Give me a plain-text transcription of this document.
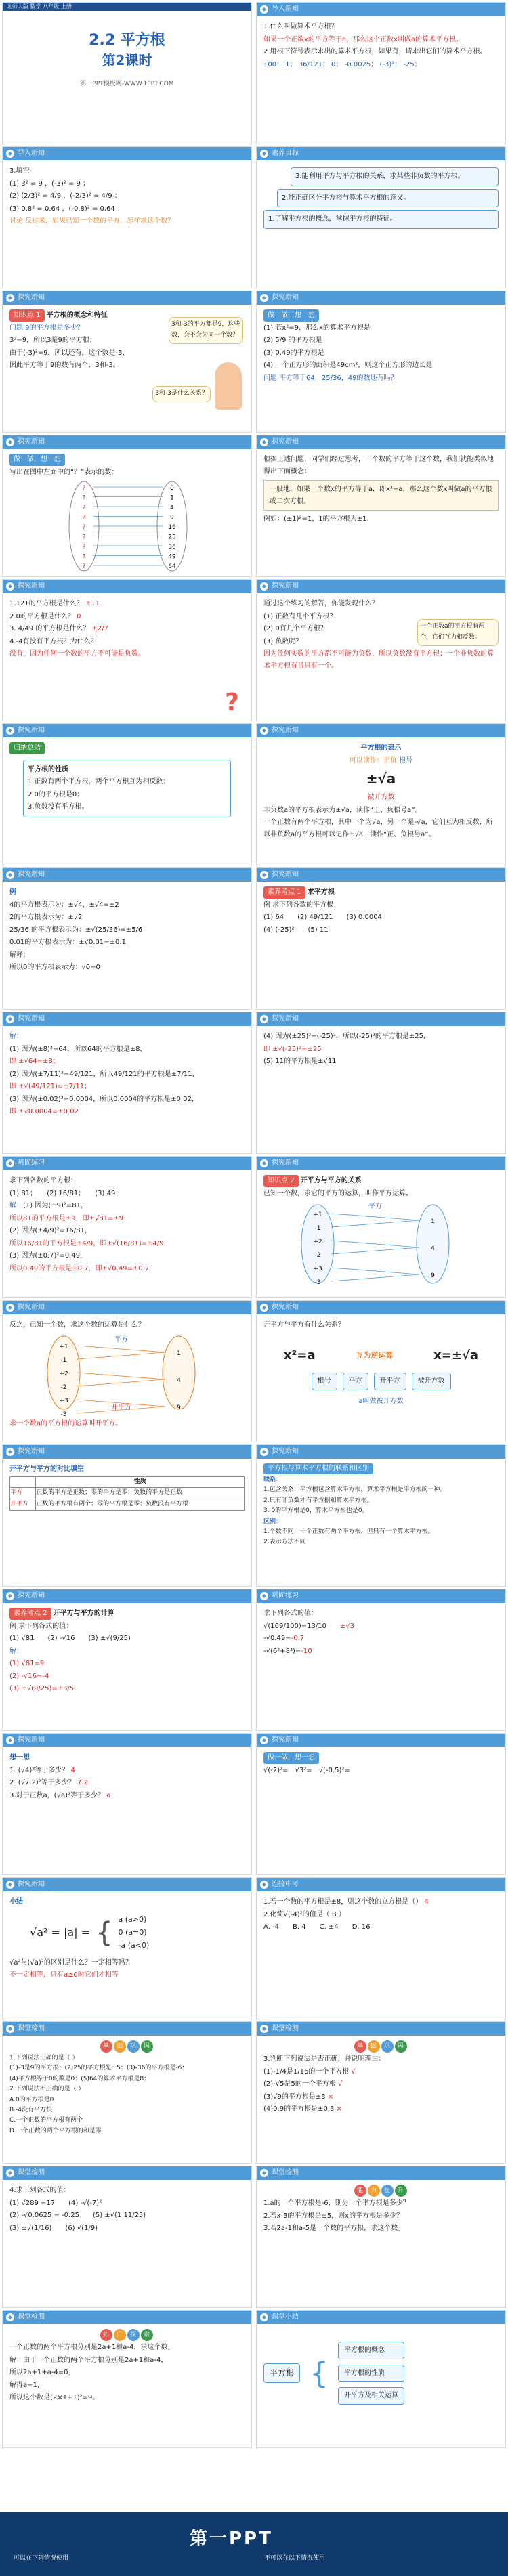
北师大版 数学 八年级 上册
2.2 平方根
第2课时
第一PPT模板网-WWW.1PPT.COM
◆ 导入新知

1.什么叫做算术平方根？

如果一个正数x的平方等于a，那么这个正数x叫做a的算术平方根。

2.用根下符号表示求出的算术平方根，如果有，请求出它们的算术平方根。

100； 1； 36/121； 0； -0.0025； (-3)²； -25；

◆ 导入新知

3.填空

(1) 3² = 9 ，(-3)² = 9 ；

(2) (2/3)² = 4/9 ，(-2/3)² = 4/9 ；

(3) 0.8² = 0.64 ，(-0.8)² = 0.64 ；

讨论 反过来，如果已知一个数的平方，怎样求这个数？

◆ 素养目标
3.能利用平方与平方根的关系，求某些非负数的平方根。
2.能正确区分平方根与算术平方根的意义。
1.了解平方根的概念，掌握平方根的特征。
◆ 探究新知

知识点 1 平方根的概念和特征

问题 9的平方根是多少？

3²=9，所以3是9的平方根；

由于(-3)²=9，所以还有，这个数是-3，

因此平方等于9的数有两个，3和-3。

3和-3的平方都是9，这些数，会不会为同一个数？
3和-3是什么关系？
◆ 探究新知

做一做，想一想

(1) 若x²=9，那么x的算术平方根是

(2) 5/9 的平方根是

(3) 0.49的平方根是

(4) 一个正方形的面积是49cm²，则这个正方形的边长是

问题 平方等于64，25/36，49的数还有吗？

◆ 探究新知

做一做，想一想

写出在图中左面中的“？”表示的数：

?	0
?	1
?	4
?	9
?	16
?	25
?	36
?	49
?	64
◆ 探究新知

根据上述问题，同学们经过思考，一个数的平方等于这个数，我们就能类似地得出下面概念：

一般地，如果一个数x的平方等于a，即x²=a，那么这个数x叫做a的平方根或二次方根。

例如：(±1)²=1，1的平方根为±1.

◆ 探究新知

1.121的平方根是什么？ ±11

2.0的平方根是什么？ 0

3. 4/49 的平方根是什么？ ±2/7

4.-4有没有平方根？为什么？

没有，因为任何一个数的平方不可能是负数。

?
◆ 探究新知

通过这个练习的解答，你能发现什么？

(1) 正数有几个平方根？

(2) 0有几个平方根？

(3) 负数呢？

一个正数a的平方根有两个，它们互为相反数。

因为任何实数的平方都不可能为负数，所以负数没有平方根；一个非负数的算术平方根有且只有一个。

◆ 探究新知

归纳总结

平方根的性质

1.正数有两个平方根，两个平方根互为相反数；

2.0的平方根是0；

3.负数没有平方根。

◆ 探究新知

平方根的表示

可以读作：正负 根号

±√a

被开方数

非负数a的平方根表示为±√a，读作“正、负根号a”。

一个正数有两个平方根，其中一个为√a，另一个是-√a，它们互为相反数，所以非负数a的平方根可以记作±√a，读作“正、负根号a”。

◆ 探究新知

例

4的平方根表示为：±√4，±√4=±2

2的平方根表示为：±√2

25/36 的平方根表示为：±√(25/36)=±5/6

0.01的平方根表示为：±√0.01=±0.1

解释：

所以0的平方根表示为：√0=0

◆ 探究新知

素养考点 1 求平方根

例 求下列各数的平方根：

(1) 64　　 (2) 49/121　　 (3) 0.0004

(4) (-25)²　　 (5) 11

◆ 探究新知

解：

(1) 因为(±8)²=64，所以64的平方根是±8，

即 ±√64=±8；

(2) 因为(±7/11)²=49/121，所以49/121的平方根是±7/11，

即 ±√(49/121)=±7/11；

(3) 因为(±0.02)²=0.0004，所以0.0004的平方根是±0.02，

即 ±√0.0004=±0.02

◆ 探究新知

(4) 因为(±25)²=(-25)²，所以(-25)²的平方根是±25，

即 ±√(-25)²=±25

(5) 11的平方根是±√11

◆ 巩固练习

求下列各数的平方根：

(1) 81；　　 (2) 16/81；　　 (3) 49；

解：(1) 因为(±9)²=81，

所以81的平方根是±9，即±√81=±9

(2) 因为(±4/9)²=16/81，

所以16/81的平方根是±4/9，即±√(16/81)=±4/9

(3) 因为(±0.7)²=0.49，

所以0.49的平方根是±0.7，即±√0.49=±0.7

◆ 探究新知

知识点 2 开平方与平方的关系

已知一个数，求它的平方的运算，叫作平方运算。

平方
+1
-1
+2
-2
+3
-3
1
4
9
◆ 探究新知

反之，已知一个数，求这个数的运算是什么？

平方
开平方
+1
-1
+2
-2
+3
-3
1
4
9

求一个数a的平方根的运算叫开平方。

◆ 探究新知

开平方与平方有什么关系？

x²=a	互为逆运算	x=±√a
根号	平方	开平方	被开方数

a叫做被开方数

◆ 探究新知

开平方与平方的对比填空

	性质
平方	正数的平方是正数；零的平方是零；负数的平方是正数
开平方	正数的平方根有两个；零的平方根是零；负数没有平方根
◆ 探究新知

平方根与算术平方根的联系和区别

联系：

1.包含关系：平方根包含算术平方根，算术平方根是平方根的一种。

2.只有非负数才有平方根和算术平方根。

3. 0的平方根是0，算术平方根也是0。

区别：

1.个数不同：一个正数有两个平方根，但只有一个算术平方根。

2.表示方法不同

◆ 探究新知

素养考点 2 开平方与平方的计算

例 求下列各式的值：

(1) √81　　 (2) -√16　　 (3) ±√(9/25)

解：

(1) √81=9

(2) -√16=-4

(3) ±√(9/25)=±3/5

◆ 巩固练习

求下列各式的值：

√(169/100)=13/10　　 ±√3

-√0.49=-0.7

-√(6²+8²)=-10

◆ 探究新知

想一想

1. (√4)²等于多少？ 4

2. (√7.2)²等于多少？ 7.2

3.对于正数a，(√a)²等于多少？ a

◆ 探究新知

做一做，想一想

√(-2)²=　 √3²=　 √(-0.5)²=

◆ 探究新知

小结

√a² = |a| = { a (a>0)
0 (a=0)
-a (a<0)

√a²与(√a)²的区别是什么？一定相等吗？

不一定相等，只有a≥0时它们才相等

◆ 连接中考

1.若一个数的平方根是±8，则这个数的立方根是（） 4

2.化简√(-4)²的值是（ B ）

A. -4　　 B. 4　　 C. ±4　　 D. 16

◆ 课堂检测

基 础 巩 固

1.下列说法正确的是（ ）

(1)-3是9的平方根；(2)25的平方根是±5；(3)-36的平方根是-6；

(4)平方根等于0的数是0；(5)64的算术平方根是8；

2.下列说法不正确的是（ ）

A.0的平方根是0

B.-4没有平方根

C.一个正数的平方根有两个

D.一个正数的两个平方根的和是零

◆ 课堂检测

基 础 巩 固

3.判断下列说法是否正确，并说明理由：

(1)-1/4是1/16的一个平方根 √

(2)-√5是5的一个平方根 √

(3)√9的平方根是±3 ×

(4)0.9的平方根是±0.3 ×

◆ 课堂检测

4.求下列各式的值：

(1) √289 =17　　 (4) -√(-7)²

(2) -√0.0625 = -0.25　　 (5) ±√(1 11/25)

(3) ±√(1/16)　　 (6) √(1/9)

◆ 课堂检测

能 力 提 升

1.a的一个平方根是-6，则另一个平方根是多少？

2.若x-3的平方根是±5，则x的平方根是多少？

3.若2a-1和a-5是一个数的平方根，求这个数。

◆ 课堂检测

拓 广 探 索

一个正数的两个平方根分别是2a+1和a-4，求这个数。

解：由于一个正数的两个平方根分别是2a+1和a-4，

所以2a+1+a-4=0，

解得a=1，

所以这个数是(2×1+1)²=9。

◆ 课堂小结
平方根 {
平方根的概念
平方根的性质
开平方及相关运算
第一PPT
可以在下列情况使用	不可以在以下情况使用
